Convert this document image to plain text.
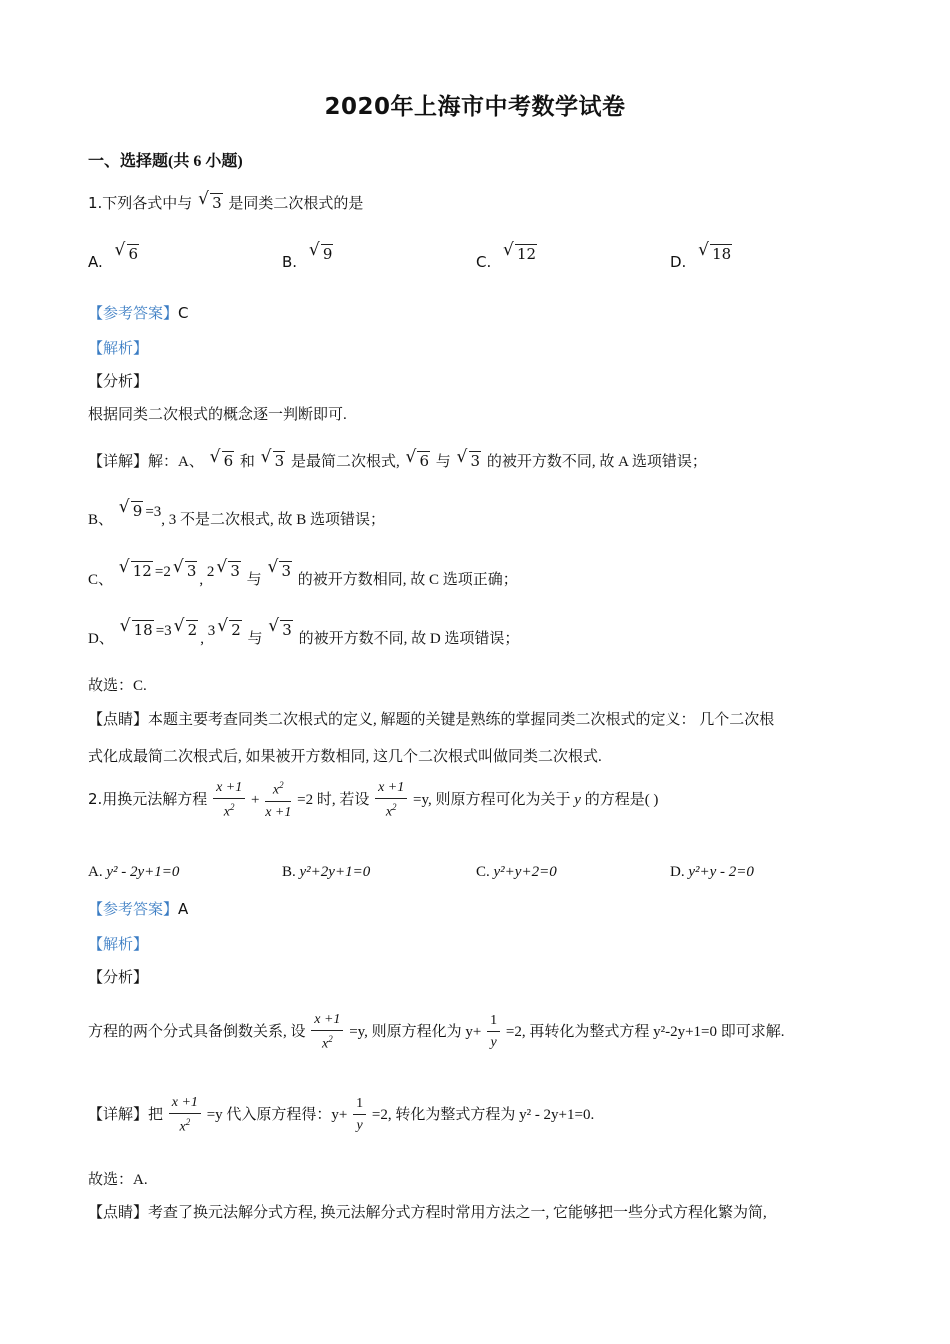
2020年上海市中考数学试卷
一、选择题(共 6 小题)
1.下列各式中与 √ 3 是同类二次根式的是
A.
√ 6	B.
√ 9	C.
√ 12	D.
√ 18
【参考答案】C
【解析】
【分析】
根据同类二次根式的概念逐一判断即可.
【详解】解：A、 √ 6 和 √ 3 是最简二次根式, √ 6 与 √ 3 的被开方数不同, 故 A 选项错误；
B、
√ 9 =3, 3 不是二次根式, 故 B 选项错误；
C、
√ 12 =2 √ 3 , 2 √ 3 与
√ 3 的被开方数相同, 故 C 选项正确；
D、
√ 18 =3 √ 2 , 3 √ 2 与
√ 3 的被开方数不同, 故 D 选项错误；
故选：C.
【点睛】本题主要考查同类二次根式的定义, 解题的关键是熟练的掌握同类二次根式的定义： 几个二次根
式化成最简二次根式后, 如果被开方数相同, 这几个二次根式叫做同类二次根式.
2.用换元法解方程 $\frac{x +1}{x^2} + \frac{x^2}{x +1} =2$ 时, 若设 $\frac{x +1}{x^2} =y$, 则原方程可化为关于 y 的方程是( )
A. y² - 2y+1=0	B. y²+2y+1=0	C. y²+y+2=0	D. y²+y - 2=0
【参考答案】A
【解析】
【分析】
方程的两个分式具备倒数关系, 设 $\frac{x +1}{x^2} =y$, 则原方程化为 $y+ \frac{1}{y} =2$, 再转化为整式方程 y²-2y+1=0 即可求解.
【详解】把 $\frac{x +1}{x^2} =y$ 代入原方程得：$y+ \frac{1}{y} =2$, 转化为整式方程为 y² - 2y+1=0.
故选：A.
【点睛】考查了换元法解分式方程, 换元法解分式方程时常用方法之一, 它能够把一些分式方程化繁为简,
